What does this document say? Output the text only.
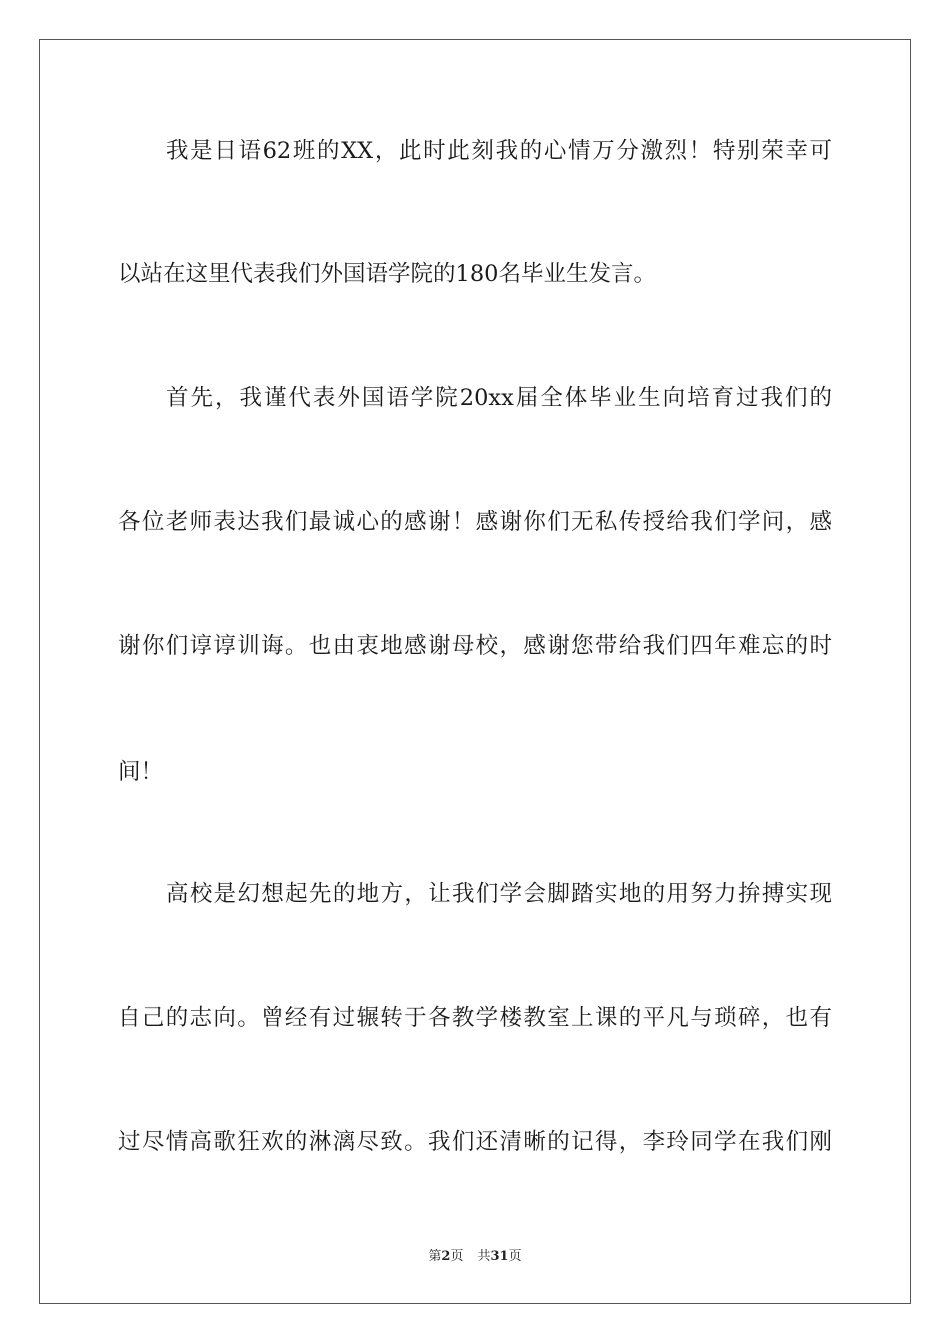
我是日语62班的XX，此时此刻我的心情万分激烈！特别荣幸可
以站在这里代表我们外国语学院的180名毕业生发言。
首先，我谨代表外国语学院20xx届全体毕业生向培育过我们的
各位老师表达我们最诚心的感谢！感谢你们无私传授给我们学问，感
谢你们谆谆训诲。也由衷地感谢母校，感谢您带给我们四年难忘的时
间！
高校是幻想起先的地方，让我们学会脚踏实地的用努力拚搏实现
自己的志向。曾经有过辗转于各教学楼教室上课的平凡与琐碎，也有
过尽情高歌狂欢的淋漓尽致。我们还清晰的记得，李玲同学在我们刚
第2页 共31页
